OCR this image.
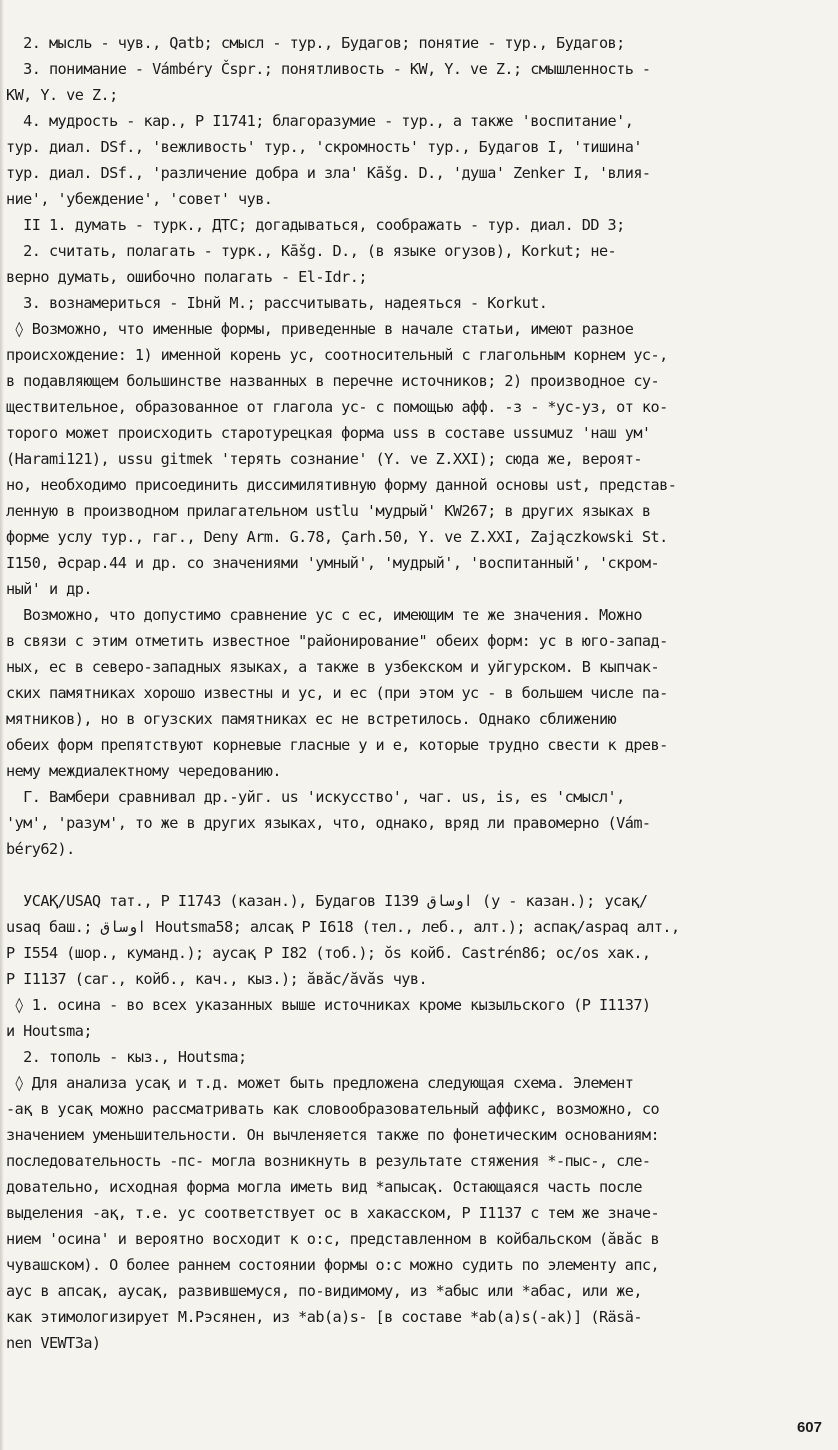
2. мысль - чув., Qatb; смысл - тур., Будагов; понятие - тур., Будагов;
3. понимание - Vámbéry Čspr.; понятливость - KW, Y. ve Z.; смышленность -
KW, Y. ve Z.;
4. мудрость - кар., P I1741; благоразумие - тур., а также 'воспитание',
тур. диал. DSf., 'вежливость' тур., 'скромность' тур., Будагов I, 'тишина'
тур. диал. DSf., 'различение добра и зла' Kāšg. D., 'душа' Zenker I, 'влия-
ние', 'убеждение', 'совет' чув.
II 1. думать - турк., ДТС; догадываться, соображать - тур. диал. DD 3;
2. считать, полагать - турк., Kāšg. D., (в языке огузов), Korkut; не-
верно думать, ошибочно полагать - El-Idr.;
3. вознамериться - Ibнй M.; рассчитывать, надеяться - Korkut.
◊ Возможно, что именные формы, приведенные в начале статьи, имеют разное
происхождение: 1) именной корень ус, соотносительный с глагольным корнем ус-,
в подавляющем большинстве названных в перечне источников; 2) производное су-
ществительное, образованное от глагола ус- с помощью афф. -з - *ус-уз, от ко-
торого может происходить старотурецкая форма uss в составе ussuмuz 'наш ум'
(Harami121), ussu gitmek 'терять сознание' (Y. ve Z.XXI); сюда же, вероят-
но, необходимо присоединить диссимилятивную форму данной основы ust, представ-
ленную в производном прилагательном ustlu 'мудрый' KW267; в других языках в
форме услу тур., гаг., Deny Arm. G.78, Çarh.50, Y. ve Z.XXI, Zajączkowski St.
I150, Əсрар.44 и др. со значениями 'умный', 'мудрый', 'воспитанный', 'скром-
ный' и др.
Возможно, что допустимо сравнение ус с ес, имеющим те же значения. Можно
в связи с этим отметить известное "районирование" обеих форм: ус в юго-запад-
ных, ес в северо-западных языках, а также в узбекском и уйгурском. В кыпчак-
ских памятниках хорошо известны и ус, и ес (при этом ус - в большем числе па-
мятников), но в огузских памятниках ес не встретилось. Однако сближению
обеих форм препятствуют корневые гласные у и е, которые трудно свести к древ-
нему междиалектному чередованию.
Г. Вамбери сравнивал др.-уйг. us 'искусство', чаг. us, is, es 'смысл',
'ум', 'разум', то же в других языках, что, однако, вряд ли правомерно (Vám-
béry62).
УСАҚ/USAQ тат., P I1743 (казан.), Будагов I139 اوساق (у - казан.); усақ/
usaq баш.; اوساق Houtsma58; алсақ P I618 (тел., леб., алт.); аспақ/aspaq алт.,
P I554 (шор., куманд.); аусақ P I82 (тоб.); ŏs койб. Castrén86; ос/os хак.,
P I1137 (саг., койб., кач., кыз.); ăвăс/ăvăs чув.
◊ 1. осина - во всех указанных выше источниках кроме кызыльского (P I1137)
и Houtsma;
2. тополь - кыз., Houtsma;
◊ Для анализа усақ и т.д. может быть предложена следующая схема. Элемент
-ақ в усақ можно рассматривать как словообразовательный аффикс, возможно, со
значением уменьшительности. Он вычленяется также по фонетическим основаниям:
последовательность -пс- могла возникнуть в результате стяжения *-пыс-, сле-
довательно, исходная форма могла иметь вид *апысақ. Остающаяся часть после
выделения -ақ, т.е. ус соответствует ос в хакасском, P I1137 с тем же значе-
нием 'осина' и вероятно восходит к о:с, представленном в койбальском (ăвăс в
чувашском). О более раннем состоянии формы о:с можно судить по элементу апс,
аус в апсақ, аусақ, развившемуся, по-видимому, из *абыс или *абас, или же,
как этимологизирует М.Рэсянен, из *ab(a)s- [в составе *ab(a)s(-ak)] (Räsä-
nen VEWT3a)
607
